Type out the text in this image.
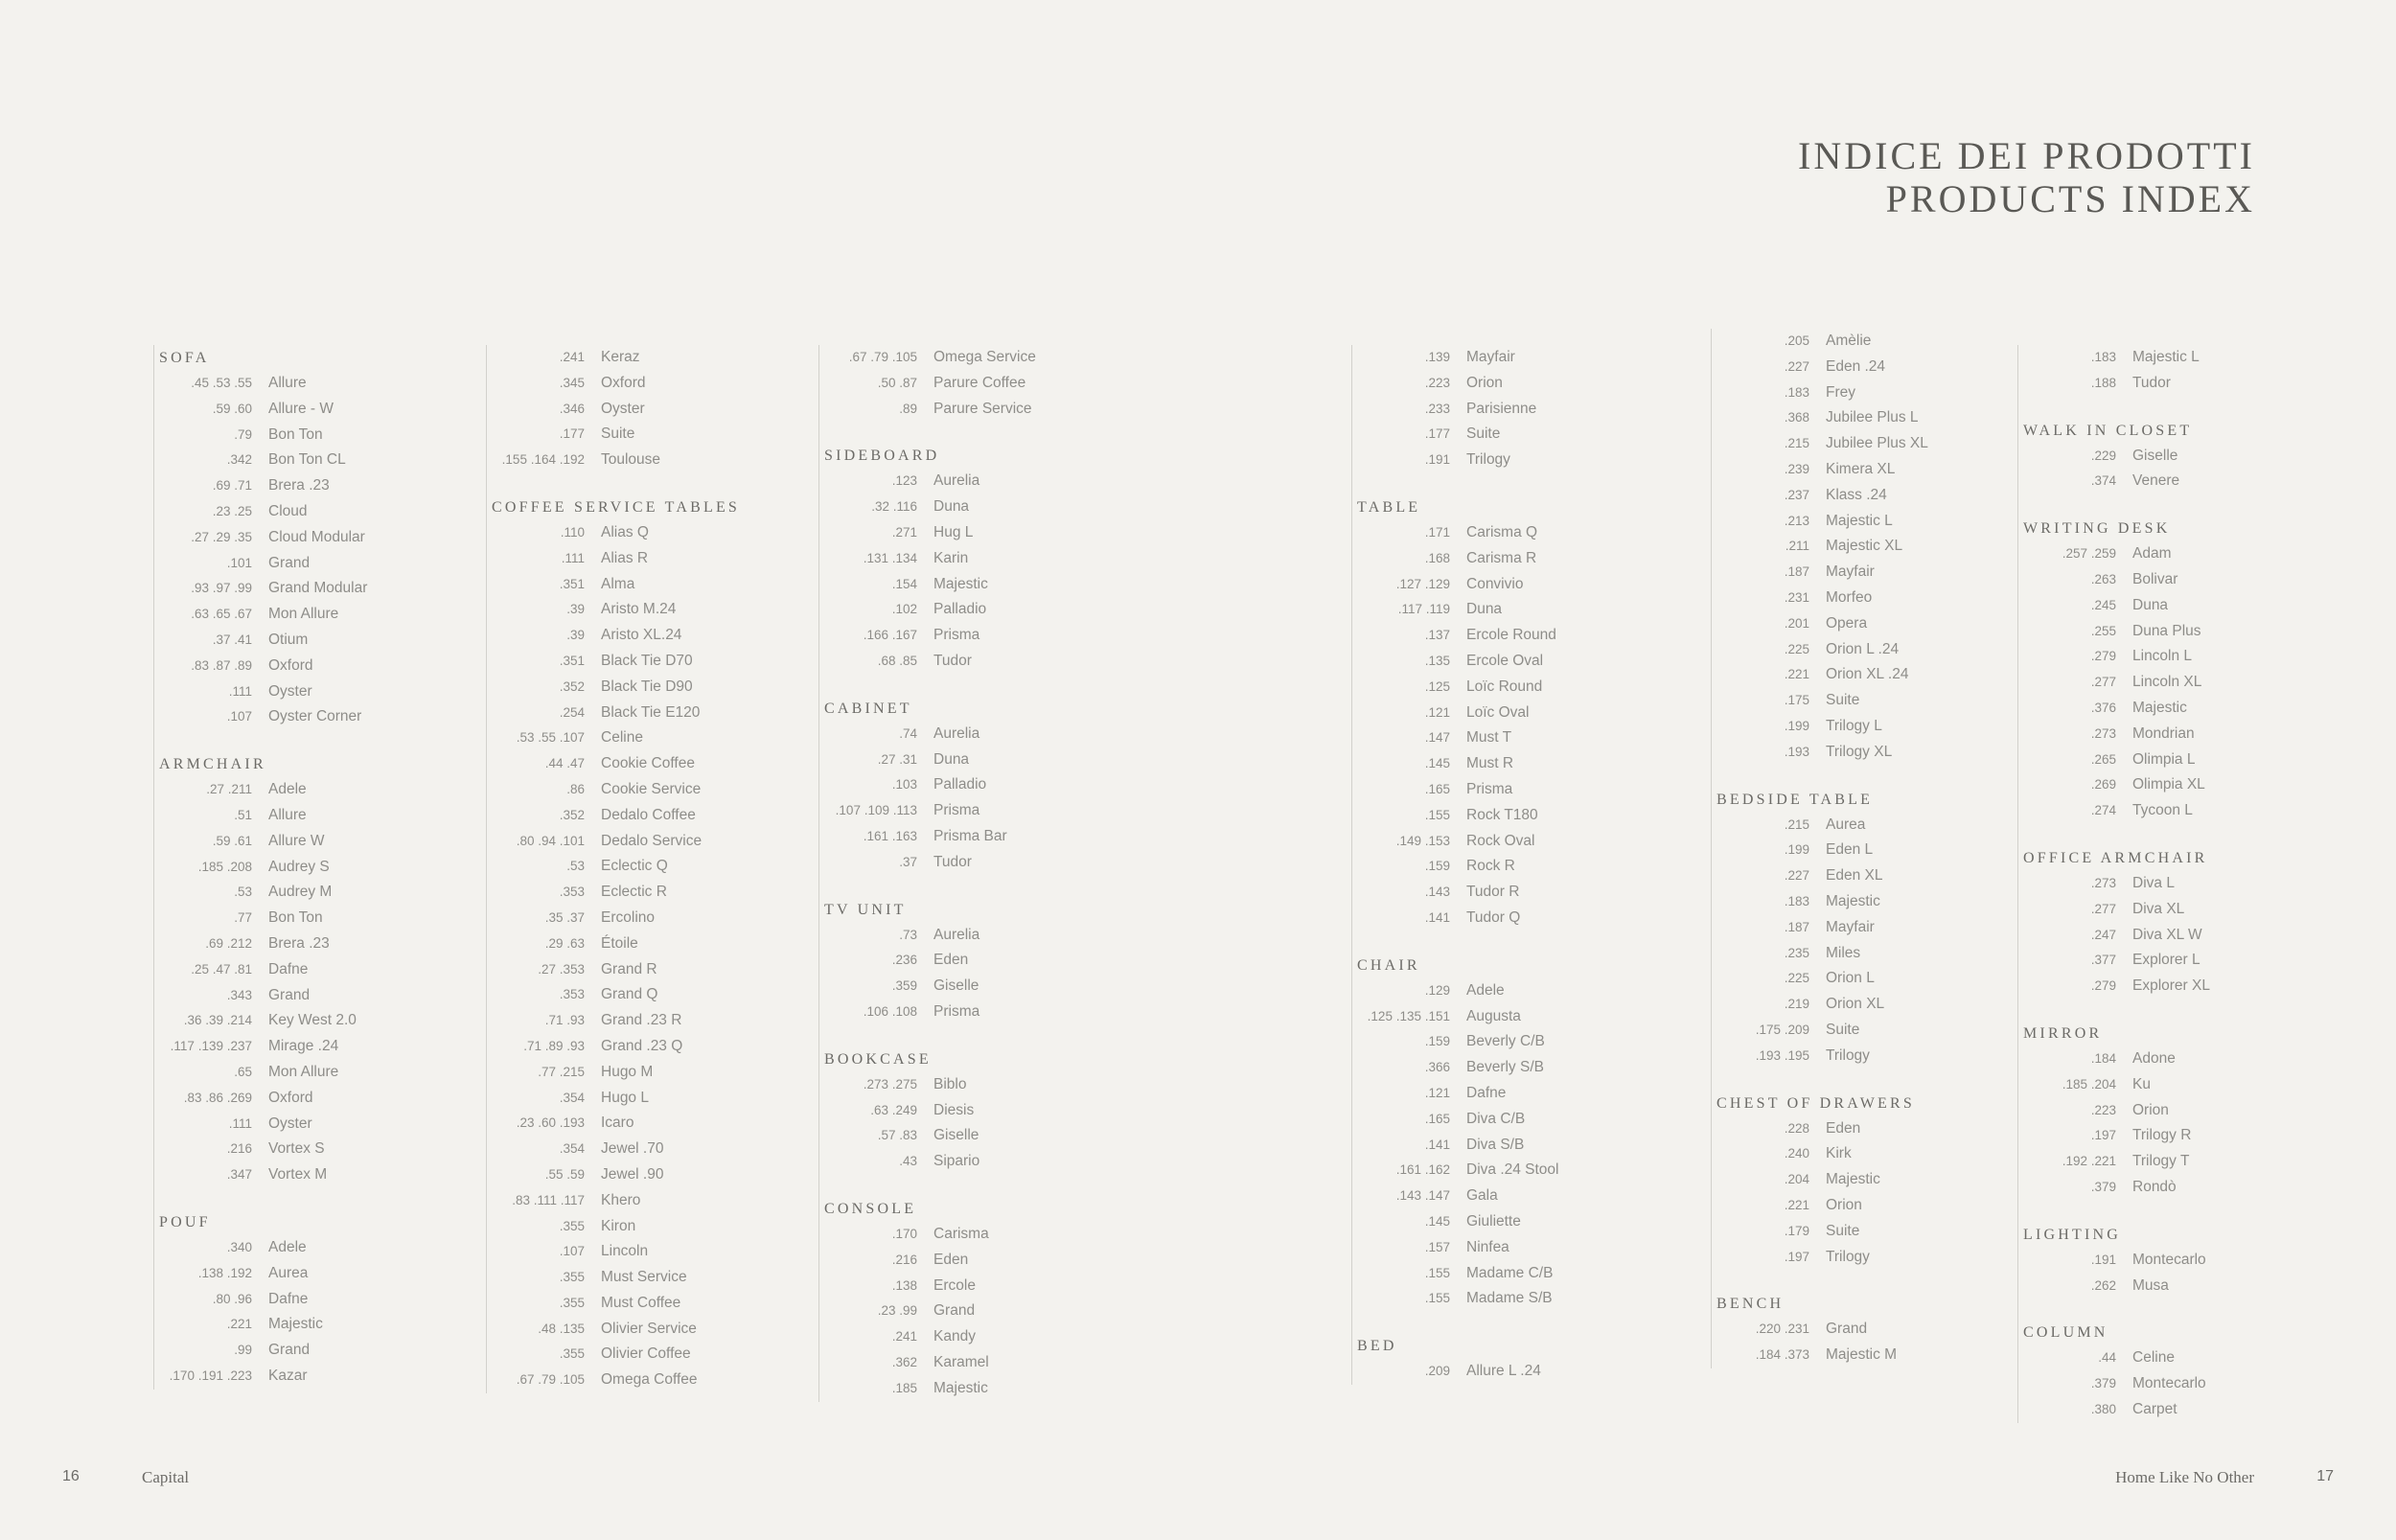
INDICE DEI PRODOTTI
PRODUCTS INDEX
SOFA
.45 .53 .55 Allure
.59 .60 Allure - W
.79 Bon Ton
.342 Bon Ton CL
.69 .71 Brera .23
.23 .25 Cloud
.27 .29 .35 Cloud Modular
.101 Grand
.93 .97 .99 Grand Modular
.63 .65 .67 Mon Allure
.37 .41 Otium
.83 .87 .89 Oxford
.111 Oyster
.107 Oyster Corner
ARMCHAIR
.27 .211 Adele
.51 Allure
.59 .61 Allure W
.185 .208 Audrey S
.53 Audrey M
.77 Bon Ton
.69 .212 Brera .23
.25 .47 .81 Dafne
.343 Grand
.36 .39 .214 Key West 2.0
.117 .139 .237 Mirage .24
.65 Mon Allure
.83 .86 .269 Oxford
.111 Oyster
.216 Vortex S
.347 Vortex M
POUF
.340 Adele
.138 .192 Aurea
.80 .96 Dafne
.221 Majestic
.99 Grand
.170 .191 .223 Kazar
.241 Keraz
.345 Oxford
.346 Oyster
.177 Suite
.155 .164 .192 Toulouse
COFFEE SERVICE TABLES
.110 Alias Q
.111 Alias R
.351 Alma
.39 Aristo M.24
.39 Aristo XL.24
.351 Black Tie D70
.352 Black Tie D90
.254 Black Tie E120
.53 .55 .107 Celine
.44 .47 Cookie Coffee
.86 Cookie Service
.352 Dedalo Coffee
.80 .94 .101 Dedalo Service
.53 Eclectic Q
.353 Eclectic R
.35 .37 Ercolino
.29 .63 Étoile
.27 .353 Grand R
.353 Grand Q
.71 .93 Grand .23 R
.71 .89 .93 Grand .23 Q
.77 .215 Hugo M
.354 Hugo L
.23 .60 .193 Icaro
.354 Jewel .70
.55 .59 Jewel .90
.83 .111 .117 Khero
.355 Kiron
.107 Lincoln
.355 Must Service
.355 Must Coffee
.48 .135 Olivier Service
.355 Olivier Coffee
.67 .79 .105 Omega Coffee
.67 .79 .105 Omega Service
.50 .87 Parure Coffee
.89 Parure Service
SIDEBOARD
.123 Aurelia
.32 .116 Duna
.271 Hug L
.131 .134 Karin
.154 Majestic
.102 Palladio
.166 .167 Prisma
.68 .85 Tudor
CABINET
.74 Aurelia
.27 .31 Duna
.103 Palladio
.107 .109 .113 Prisma
.161 .163 Prisma Bar
.37 Tudor
TV UNIT
.73 Aurelia
.236 Eden
.359 Giselle
.106 .108 Prisma
BOOKCASE
.273 .275 Biblo
.63 .249 Diesis
.57 .83 Giselle
.43 Sipario
CONSOLE
.170 Carisma
.216 Eden
.138 Ercole
.23 .99 Grand
.241 Kandy
.362 Karamel
.185 Majestic
.139 Mayfair
.223 Orion
.233 Parisienne
.177 Suite
.191 Trilogy
TABLE
.171 Carisma Q
.168 Carisma R
.127 .129 Convivio
.117 .119 Duna
.137 Ercole Round
.135 Ercole Oval
.125 Loïc Round
.121 Loïc Oval
.147 Must T
.145 Must R
.165 Prisma
.155 Rock T180
.149 .153 Rock Oval
.159 Rock R
.143 Tudor R
.141 Tudor Q
CHAIR
.129 Adele
.125 .135 .151 Augusta
.159 Beverly C/B
.366 Beverly S/B
.121 Dafne
.165 Diva C/B
.141 Diva S/B
.161 .162 Diva .24 Stool
.143 .147 Gala
.145 Giuliette
.157 Ninfea
.155 Madame C/B
.155 Madame S/B
BED
.209 Allure L .24
.205 Amèlie
.227 Eden .24
.183 Frey
.368 Jubilee Plus L
.215 Jubilee Plus XL
.239 Kimera XL
.237 Klass .24
.213 Majestic L
.211 Majestic XL
.187 Mayfair
.231 Morfeo
.201 Opera
.225 Orion L .24
.221 Orion XL .24
.175 Suite
.199 Trilogy L
.193 Trilogy XL
BEDSIDE TABLE
.215 Aurea
.199 Eden L
.227 Eden XL
.183 Majestic
.187 Mayfair
.235 Miles
.225 Orion L
.219 Orion XL
.175 .209 Suite
.193 .195 Trilogy
CHEST OF DRAWERS
.228 Eden
.240 Kirk
.204 Majestic
.221 Orion
.179 Suite
.197 Trilogy
BENCH
.220 .231 Grand
.184 .373 Majestic M
.183 Majestic L
.188 Tudor
WALK IN CLOSET
.229 Giselle
.374 Venere
WRITING DESK
.257 .259 Adam
.263 Bolivar
.245 Duna
.255 Duna Plus
.279 Lincoln L
.277 Lincoln XL
.376 Majestic
.273 Mondrian
.265 Olimpia L
.269 Olimpia XL
.274 Tycoon L
OFFICE ARMCHAIR
.273 Diva L
.277 Diva XL
.247 Diva XL W
.377 Explorer L
.279 Explorer XL
MIRROR
.184 Adone
.185 .204 Ku
.223 Orion
.197 Trilogy R
.192 .221 Trilogy T
.379 Rondò
LIGHTING
.191 Montecarlo
.262 Musa
COLUMN
.44 Celine
.379 Montecarlo
.380 Carpet
16	Capital	Home Like No Other	17
